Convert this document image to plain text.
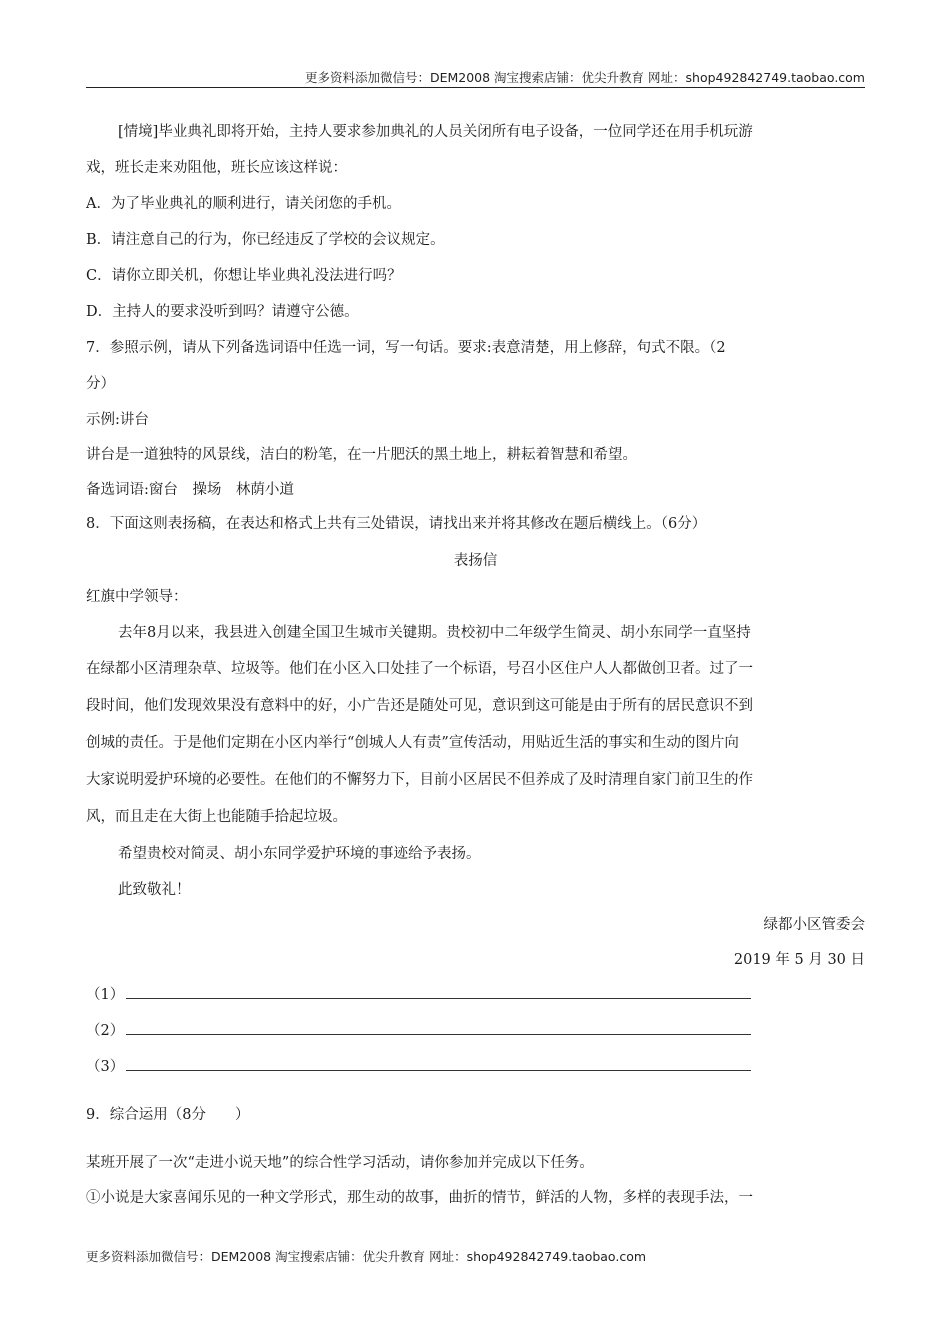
更多资料添加微信号：DEM2008 淘宝搜索店铺：优尖升教育 网址：shop492842749.taobao.com
[情境]毕业典礼即将开始，主持人要求参加典礼的人员关闭所有电子设备，一位同学还在用手机玩游
戏，班长走来劝阻他，班长应该这样说：
A．为了毕业典礼的顺利进行，请关闭您的手机。
B．请注意自己的行为，你已经违反了学校的会议规定。
C．请你立即关机，你想让毕业典礼没法进行吗？
D．主持人的要求没听到吗？请遵守公德。
7．参照示例，请从下列备选词语中任选一词，写一句话。要求:表意清楚，用上修辞，句式不限。（2
分）
示例:讲台
讲台是一道独特的风景线，洁白的粉笔，在一片肥沃的黑土地上，耕耘着智慧和希望。
备选词语:窗台　操场　林荫小道
8．下面这则表扬稿，在表达和格式上共有三处错误，请找出来并将其修改在题后横线上。（6分）
表扬信
红旗中学领导：
去年8月以来，我县进入创建全国卫生城市关键期。贵校初中二年级学生简灵、胡小东同学一直坚持
在绿都小区清理杂草、垃圾等。他们在小区入口处挂了一个标语，号召小区住户人人都做创卫者。过了一
段时间，他们发现效果没有意料中的好，小广告还是随处可见，意识到这可能是由于所有的居民意识不到
创城的责任。于是他们定期在小区内举行“创城人人有责”宣传活动，用贴近生活的事实和生动的图片向
大家说明爱护环境的必要性。在他们的不懈努力下，目前小区居民不但养成了及时清理自家门前卫生的作
风，而且走在大街上也能随手拾起垃圾。
希望贵校对简灵、胡小东同学爱护环境的事迹给予表扬。
此致敬礼！
绿都小区管委会
2019 年 5 月 30 日
（1）
（2）
（3）
9．综合运用（8分　　）
某班开展了一次“走进小说天地”的综合性学习活动，请你参加并完成以下任务。
①小说是大家喜闻乐见的一种文学形式，那生动的故事，曲折的情节，鲜活的人物，多样的表现手法，一
更多资料添加微信号：DEM2008 淘宝搜索店铺：优尖升教育 网址：shop492842749.taobao.com
